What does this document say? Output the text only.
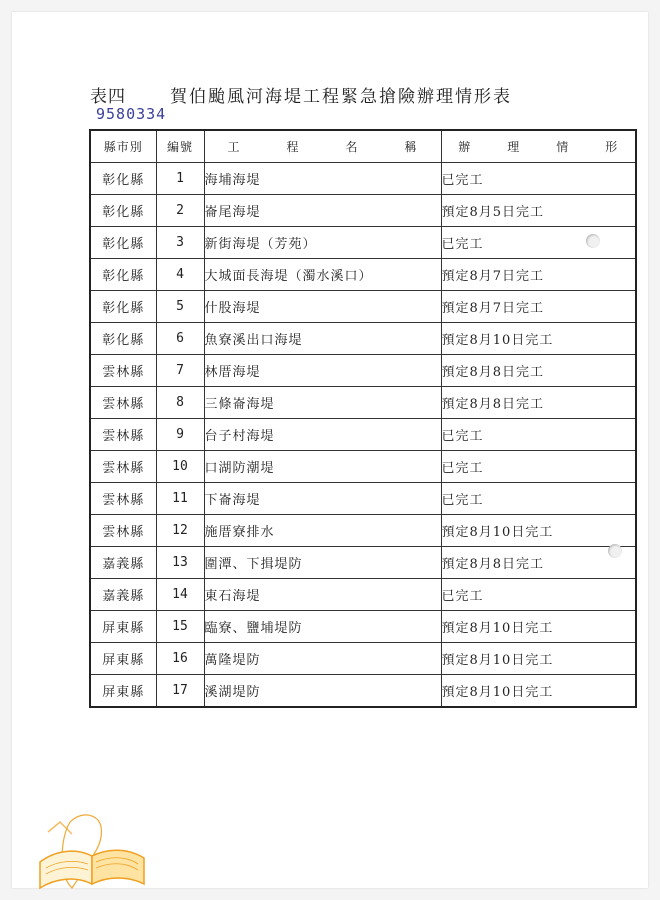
表四	賀伯颱風河海堤工程緊急搶險辦理情形表
9580334
縣市別	編號	工 程 名 稱	辦 理 情 形
彰化縣	1	海埔海堤	已完工
彰化縣	2	崙尾海堤	預定8月5日完工
彰化縣	3	新街海堤（芳苑）	已完工
彰化縣	4	大城面長海堤（濁水溪口）	預定8月7日完工
彰化縣	5	什股海堤	預定8月7日完工
彰化縣	6	魚寮溪出口海堤	預定8月10日完工
雲林縣	7	林厝海堤	預定8月8日完工
雲林縣	8	三條崙海堤	預定8月8日完工
雲林縣	9	台子村海堤	已完工
雲林縣	10	口湖防潮堤	已完工
雲林縣	11	下崙海堤	已完工
雲林縣	12	施厝寮排水	預定8月10日完工
嘉義縣	13	圍潭、下揖堤防	預定8月8日完工
嘉義縣	14	東石海堤	已完工
屏東縣	15	臨寮、鹽埔堤防	預定8月10日完工
屏東縣	16	萬隆堤防	預定8月10日完工
屏東縣	17	溪湖堤防	預定8月10日完工
